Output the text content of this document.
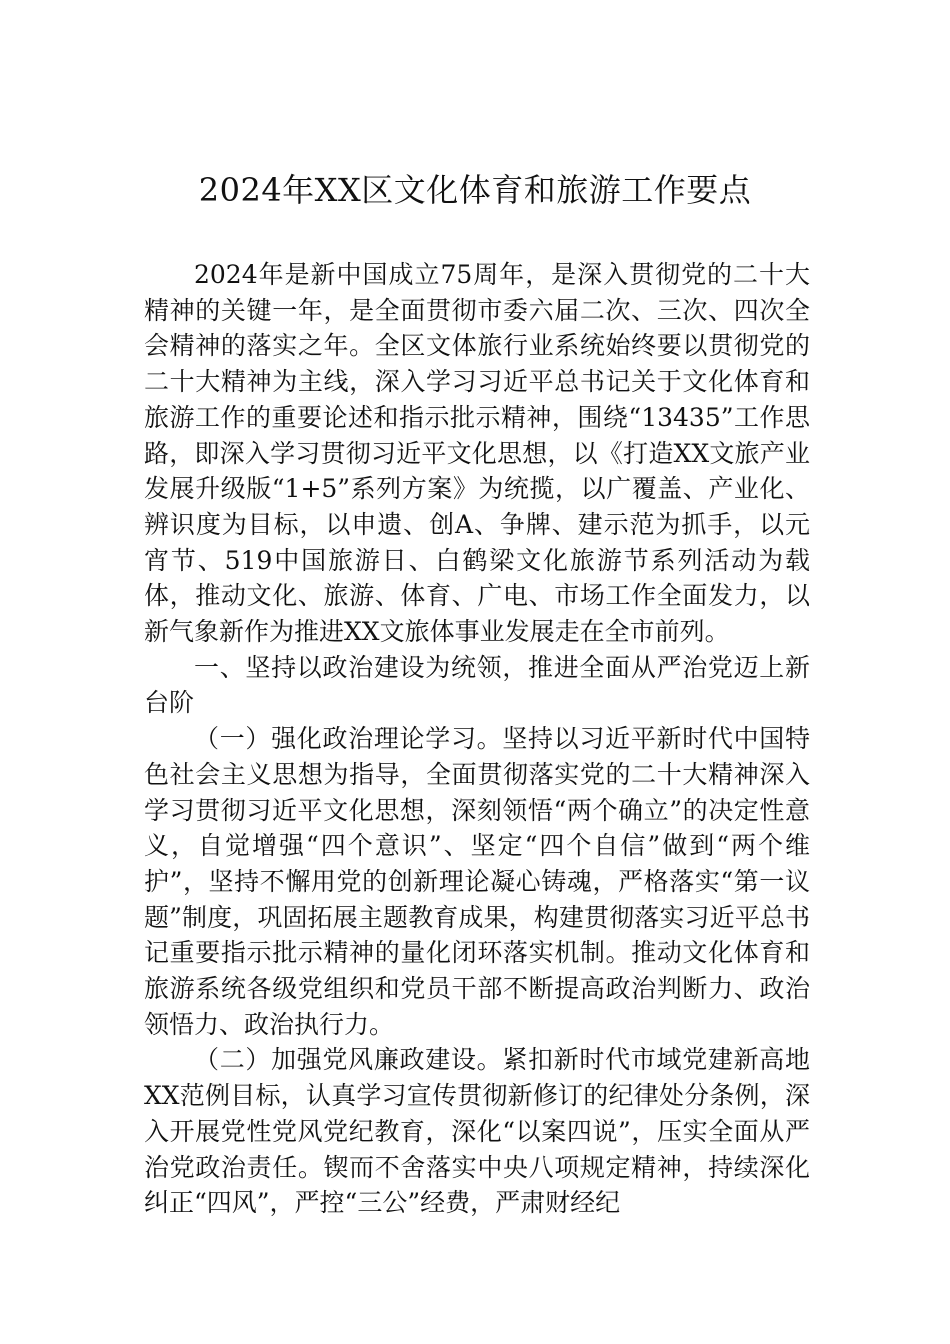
2024年XX区文化体育和旅游工作要点

2024年是新中国成立75周年，是深入贯彻党的二十大精神的关键一年，是全面贯彻市委六届二次、三次、四次全会精神的落实之年。全区文体旅行业系统始终要以贯彻党的二十大精神为主线，深入学习习近平总书记关于文化体育和旅游工作的重要论述和指示批示精神，围绕“13435”工作思路，即深入学习贯彻习近平文化思想，以《打造XX文旅产业发展升级版“1+5”系列方案》为统揽，以广覆盖、产业化、辨识度为目标，以申遗、创A、争牌、建示范为抓手，以元宵节、519中国旅游日、白鹤梁文化旅游节系列活动为载体，推动文化、旅游、体育、广电、市场工作全面发力，以新气象新作为推进XX文旅体事业发展走在全市前列。

一、坚持以政治建设为统领，推进全面从严治党迈上新台阶

（一）强化政治理论学习。坚持以习近平新时代中国特色社会主义思想为指导，全面贯彻落实党的二十大精神深入学习贯彻习近平文化思想，深刻领悟“两个确立”的决定性意义，自觉增强“四个意识”、坚定“四个自信”做到“两个维护”，坚持不懈用党的创新理论凝心铸魂，严格落实“第一议题”制度，巩固拓展主题教育成果，构建贯彻落实习近平总书记重要指示批示精神的量化闭环落实机制。推动文化体育和旅游系统各级党组织和党员干部不断提高政治判断力、政治领悟力、政治执行力。

（二）加强党风廉政建设。紧扣新时代市域党建新高地XX范例目标，认真学习宣传贯彻新修订的纪律处分条例，深入开展党性党风党纪教育，深化“以案四说”，压实全面从严治党政治责任。锲而不舍落实中央八项规定精神，持续深化纠正“四风”，严控“三公”经费，严肃财经纪
